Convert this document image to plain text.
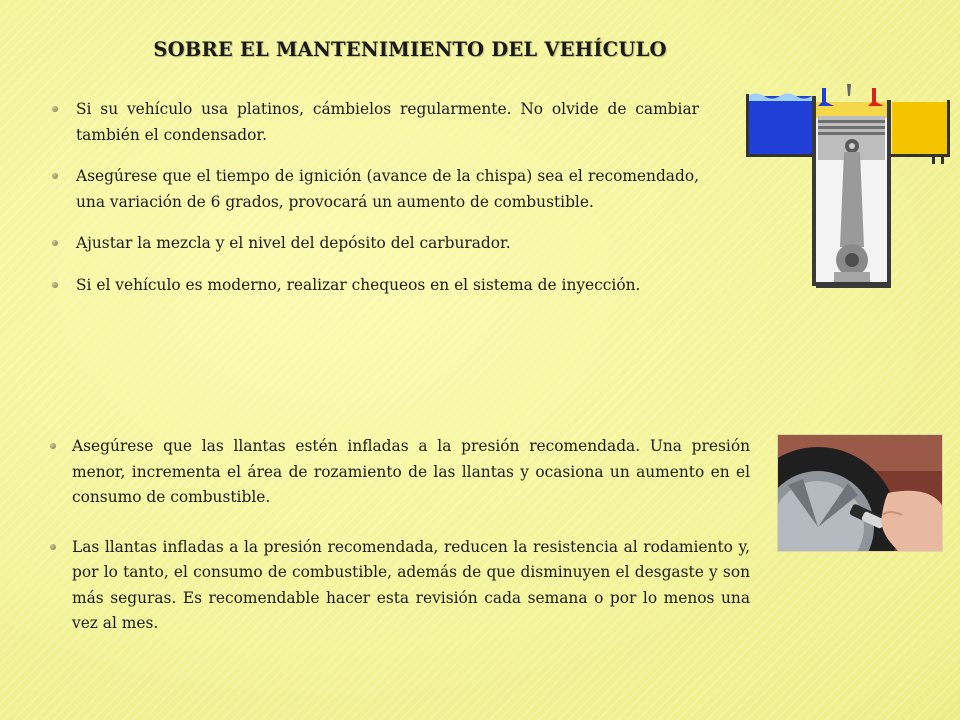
SOBRE EL MANTENIMIENTO DEL VEHÍCULO
Si su vehículo usa platinos, cámbielos regularmente. No olvide de cambiar también el condensador.
Asegúrese que el tiempo de ignición (avance de la chispa) sea el recomendado, una variación de 6 grados, provocará un aumento de combustible.
Ajustar la mezcla y el nivel del depósito del carburador.
Si el vehículo es moderno, realizar chequeos en el sistema de inyección.
Asegúrese que las llantas estén infladas a la presión recomendada. Una presión menor, incrementa el área de rozamiento de las llantas y ocasiona un aumento en el consumo de combustible.
Las llantas infladas a la presión recomendada, reducen la resistencia al rodamiento y, por lo tanto, el consumo de combustible, además de que disminuyen el desgaste y son más seguras. Es recomendable hacer esta revisión cada semana o por lo menos una vez al mes.
